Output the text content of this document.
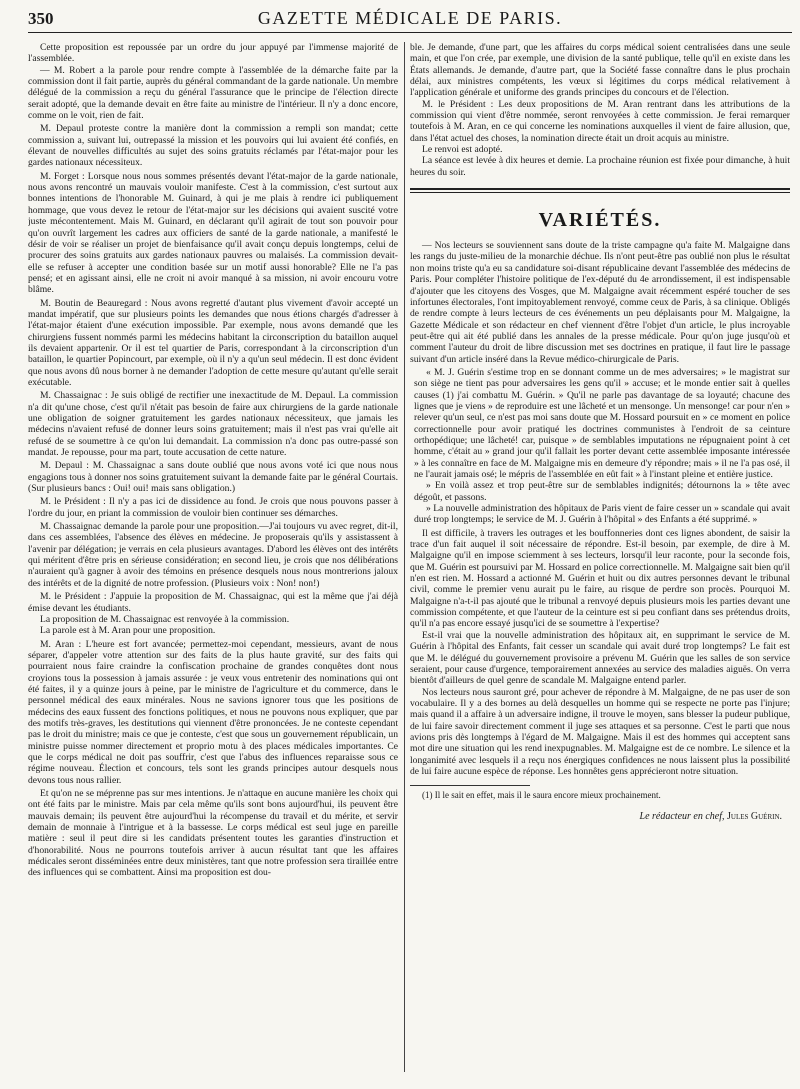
350	GAZETTE MÉDICALE DE PARIS.

Cette proposition est repoussée par un ordre du jour appuyé par l'immense majorité de l'assemblée.

— M. Robert a la parole pour rendre compte à l'assemblée de la démarche faite par la commission dont il fait partie, auprès du général commandant de la garde nationale. Un membre délégué de la commission a reçu du général l'assurance que le principe de l'élection directe serait adopté, que la demande devait en être faite au ministre de l'intérieur. Il n'y a donc encore, comme on le voit, rien de fait.

M. Depaul proteste contre la manière dont la commission a rempli son mandat; cette commission a, suivant lui, outrepassé la mission et les pouvoirs qui lui avaient été confiés, en élevant de nouvelles difficultés au sujet des soins gratuits réclamés par l'état-major pour les gardes nationaux nécessiteux.

M. Forget : Lorsque nous nous sommes présentés devant l'état-major de la garde nationale, nous avons rencontré un mauvais vouloir manifeste. C'est à la commission, c'est surtout aux bonnes intentions de l'honorable M. Guinard, à qui je me plais à rendre ici publiquement hommage, que vous devez le retour de l'état-major sur les décisions qui avaient suscité votre juste mécontentement. Mais M. Guinard, en déclarant qu'il agirait de tout son pouvoir pour qu'on ouvrît largement les cadres aux officiers de santé de la garde nationale, a manifesté le désir de voir se réaliser un projet de bienfaisance qu'il avait conçu depuis longtemps, celui de procurer des soins gratuits aux gardes nationaux pauvres ou malaisés. La commission devait-elle se refuser à accepter une condition basée sur un motif aussi honorable? Elle ne l'a pas pensé; et en agissant ainsi, elle ne croit ni avoir manqué à sa mission, ni avoir encouru votre blâme.

M. Boutin de Beauregard : Nous avons regretté d'autant plus vivement d'avoir accepté un mandat impératif, que sur plusieurs points les demandes que nous étions chargés d'adresser à l'état-major étaient d'une exécution impossible. Par exemple, nous avons demandé que les chirurgiens fussent nommés parmi les médecins habitant la circonscription du bataillon auquel ils devaient appartenir. Or il est tel quartier de Paris, correspondant à la circonscription d'un bataillon, le quartier Popincourt, par exemple, où il n'y a qu'un seul médecin. Il est donc évident que nous avons dû nous borner à ne demander l'adoption de cette mesure qu'autant qu'elle serait exécutable.

M. Chassaignac : Je suis obligé de rectifier une inexactitude de M. Depaul. La commission n'a dit qu'une chose, c'est qu'il n'était pas besoin de faire aux chirurgiens de la garde nationale une obligation de soigner gratuitement les gardes nationaux nécessiteux, que jamais les médecins n'avaient refusé de donner leurs soins gratuitement; mais il n'est pas vrai qu'elle ait refusé de se soumettre à ce qu'on lui demandait. La commission n'a donc pas outre-passé son mandat. Je repousse, pour ma part, toute accusation de cette nature.

M. Depaul : M. Chassaignac a sans doute oublié que nous avons voté ici que nous nous engagions tous à donner nos soins gratuitement suivant la demande faite par le général Courtais. (Sur plusieurs bancs : Oui! oui! mais sans obligation.)

M. le Président : Il n'y a pas ici de dissidence au fond. Je crois que nous pouvons passer à l'ordre du jour, en priant la commission de vouloir bien continuer ses démarches.

M. Chassaignac demande la parole pour une proposition.—J'ai toujours vu avec regret, dit-il, dans ces assemblées, l'absence des élèves en médecine. Je proposerais qu'ils y assistassent à l'avenir par délégation; je verrais en cela plusieurs avantages. D'abord les élèves ont des intérêts qui méritent d'être pris en sérieuse considération; en second lieu, je crois que nos délibérations n'auraient qu'à gagner à avoir des témoins en présence desquels nous nous montrerions jaloux des intérêts et de la dignité de notre profession. (Plusieurs voix : Non! non!)

M. le Président : J'appuie la proposition de M. Chassaignac, qui est la même que j'ai déjà émise devant les étudiants.

La proposition de M. Chassaignac est renvoyée à la commission.

La parole est à M. Aran pour une proposition.

M. Aran : L'heure est fort avancée; permettez-moi cependant, messieurs, avant de nous séparer, d'appeler votre attention sur des faits de la plus haute gravité, sur des faits qui pourraient nous faire craindre la confiscation prochaine de grandes conquêtes dont nous croyions tous la possession à jamais assurée : je veux vous entretenir des nominations qui ont été faites, il y a quinze jours à peine, par le ministre de l'agriculture et du commerce, dans le personnel médical des eaux minérales. Nous ne savions ignorer tous que les positions de médecins des eaux fussent des fonctions politiques, et nous ne pouvons nous expliquer, que par des motifs très-graves, les destitutions qui viennent d'être prononcées. Je ne conteste cependant pas le droit du ministre; mais ce que je conteste, c'est que sous un gouvernement républicain, un ministre puisse nommer directement et proprio motu à des places médicales importantes. Ce que le corps médical ne doit pas souffrir, c'est que l'abus des influences reparaisse sous ce régime nouveau. Élection et concours, tels sont les grands principes autour desquels nous devons tous nous rallier.

Et qu'on ne se méprenne pas sur mes intentions. Je n'attaque en aucune manière les choix qui ont été faits par le ministre. Mais par cela même qu'ils sont bons aujourd'hui, ils peuvent être mauvais demain; ils peuvent être aujourd'hui la récompense du travail et du mérite, et servir demain de monnaie à l'intrigue et à la bassesse. Le corps médical est seul juge en pareille matière : seul il peut dire si les candidats présentent toutes les garanties d'instruction et d'honorabilité. Nous ne pourrons toutefois arriver à aucun résultat tant que les affaires médicales seront disséminées entre deux ministères, tant que notre profession sera tiraillée entre des influences qui se combattent. Ainsi ma proposition est dou-

ble. Je demande, d'une part, que les affaires du corps médical soient centralisées dans une seule main, et que l'on crée, par exemple, une division de la santé publique, telle qu'il en existe dans les États allemands. Je demande, d'autre part, que la Société fasse connaître dans le plus prochain délai, aux ministres compétents, les vœux si légitimes du corps médical relativement à l'application générale et uniforme des grands principes du concours et de l'élection.

M. le Président : Les deux propositions de M. Aran rentrant dans les attributions de la commission qui vient d'être nommée, seront renvoyées à cette commission. Je ferai remarquer toutefois à M. Aran, en ce qui concerne les nominations auxquelles il vient de faire allusion, que, dans l'état actuel des choses, la nomination directe était un droit acquis au ministre.

Le renvoi est adopté.

La séance est levée à dix heures et demie. La prochaine réunion est fixée pour dimanche, à huit heures du soir.

VARIÉTÉS.

— Nos lecteurs se souviennent sans doute de la triste campagne qu'a faite M. Malgaigne dans les rangs du juste-milieu de la monarchie déchue. Ils n'ont peut-être pas oublié non plus le résultat non moins triste qu'a eu sa candidature soi-disant républicaine devant l'assemblée des médecins de Paris. Pour compléter l'histoire politique de l'ex-député du 4e arrondissement, il est indispensable d'ajouter que les citoyens des Vosges, que M. Malgaigne avait récemment espéré toucher de ses infortunes électorales, l'ont impitoyablement renvoyé, comme ceux de Paris, à sa clinique. Obligés de rendre compte à leurs lecteurs de ces événements un peu déplaisants pour M. Malgaigne, la Gazette Médicale et son rédacteur en chef viennent d'être l'objet d'un article, le plus incroyable peut-être qui ait été publié dans les annales de la presse médicale. Pour qu'on juge jusqu'où et comment l'auteur du droit de libre discussion met ses doctrines en pratique, il faut lire le passage suivant d'un article inséré dans la Revue médico-chirurgicale de Paris.

« M. J. Guérin s'estime trop en se donnant comme un de mes adversaires; » le magistrat sur son siège ne tient pas pour adversaires les gens qu'il » accuse; et le monde entier sait à quelles causes (1) j'ai combattu M. Guérin. » Qu'il ne parle pas davantage de sa loyauté; chacune des lignes que je viens » de reproduire est une lâcheté et un mensonge. Un mensonge! car pour n'en » relever qu'un seul, ce n'est pas moi sans doute que M. Hossard poursuit en » ce moment en police correctionnelle pour avoir pratiqué les doctrines communistes à l'endroit de sa ceinture orthopédique; une lâcheté! car, puisque » de semblables imputations ne répugnaient point à cet homme, c'était au » grand jour qu'il fallait les porter devant cette assemblée imposante intéressée » à les connaître en face de M. Malgaigne mis en demeure d'y répondre; mais » il ne l'a pas osé, il ne l'aurait jamais osé; le mépris de l'assemblée en eût fait » à l'instant pleine et entière justice.

» En voilà assez et trop peut-être sur de semblables indignités; détournons la » tête avec dégoût, et passons.

» La nouvelle administration des hôpitaux de Paris vient de faire cesser un » scandale qui avait duré trop longtemps; le service de M. J. Guérin à l'hôpital » des Enfants a été supprimé. »

Il est difficile, à travers les outrages et les bouffonneries dont ces lignes abondent, de saisir la trace d'un fait auquel il soit nécessaire de répondre. Est-il besoin, par exemple, de dire à M. Malgaigne qu'il en impose sciemment à ses lecteurs, lorsqu'il leur raconte, pour la seconde fois, que M. Guérin est poursuivi par M. Hossard en police correctionnelle. M. Malgaigne sait bien qu'il n'en est rien. M. Hossard a actionné M. Guérin et huit ou dix autres personnes devant le tribunal civil, comme le premier venu aurait pu le faire, au risque de perdre son procès. Pourquoi M. Malgaigne n'a-t-il pas ajouté que le tribunal a renvoyé depuis plusieurs mois les parties devant une commission compétente, et que l'auteur de la ceinture est si peu confiant dans ses prétendus droits, qu'il n'a pas encore essayé jusqu'ici de se soumettre à l'expertise?

Est-il vrai que la nouvelle administration des hôpitaux ait, en supprimant le service de M. Guérin à l'hôpital des Enfants, fait cesser un scandale qui avait duré trop longtemps? Le fait est que M. le délégué du gouvernement provisoire a prévenu M. Guérin que les salles de son service seraient, pour cause d'urgence, temporairement annexées au service des maladies aiguës. On verra bientôt d'ailleurs de quel genre de scandale M. Malgaigne entend parler.

Nos lecteurs nous sauront gré, pour achever de répondre à M. Malgaigne, de ne pas user de son vocabulaire. Il y a des bornes au delà desquelles un homme qui se respecte ne porte pas l'injure; mais quand il a affaire à un adversaire indigne, il trouve le moyen, sans blesser la pudeur publique, de lui faire savoir directement comment il juge ses attaques et sa personne. C'est le parti que nous avions pris dès longtemps à l'égard de M. Malgaigne. Mais il est des hommes qui acceptent sans mot dire une situation qui les rend inexpugnables. M. Malgaigne est de ce nombre. Le silence et la longanimité avec lesquels il a reçu nos énergiques confidences ne nous laissent plus la possibilité de lui faire aucune espèce de réponse. Les honnêtes gens apprécieront notre situation.

(1) Il le sait en effet, mais il le saura encore mieux prochainement.

Le rédacteur en chef, Jules Guérin.
